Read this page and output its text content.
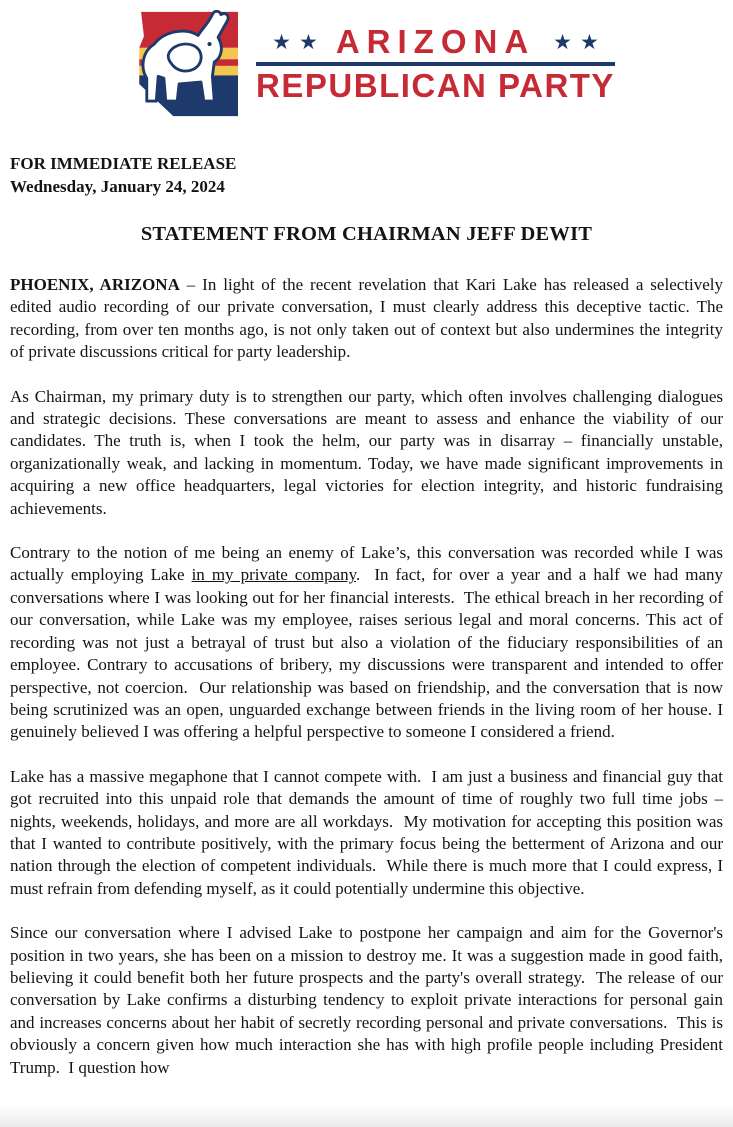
★ ★ ARIZONA ★ ★
REPUBLICAN PARTY
FOR IMMEDIATE RELEASE
Wednesday, January 24, 2024
STATEMENT FROM CHAIRMAN JEFF DEWIT

PHOENIX, ARIZONA – In light of the recent revelation that Kari Lake has released a selectively edited audio recording of our private conversation, I must clearly address this deceptive tactic. The recording, from over ten months ago, is not only taken out of context but also undermines the integrity of private discussions critical for party leadership.

As Chairman, my primary duty is to strengthen our party, which often involves challenging dialogues and strategic decisions. These conversations are meant to assess and enhance the viability of our candidates. The truth is, when I took the helm, our party was in disarray – financially unstable, organizationally weak, and lacking in momentum. Today, we have made significant improvements in acquiring a new office headquarters, legal victories for election integrity, and historic fundraising achievements.

Contrary to the notion of me being an enemy of Lake’s, this conversation was recorded while I was actually employing Lake in my private company.  In fact, for over a year and a half we had many conversations where I was looking out for her financial interests.  The ethical breach in her recording of our conversation, while Lake was my employee, raises serious legal and moral concerns. This act of recording was not just a betrayal of trust but also a violation of the fiduciary responsibilities of an employee. Contrary to accusations of bribery, my discussions were transparent and intended to offer perspective, not coercion.  Our relationship was based on friendship, and the conversation that is now being scrutinized was an open, unguarded exchange between friends in the living room of her house. I genuinely believed I was offering a helpful perspective to someone I considered a friend.

Lake has a massive megaphone that I cannot compete with.  I am just a business and financial guy that got recruited into this unpaid role that demands the amount of time of roughly two full time jobs – nights, weekends, holidays, and more are all workdays.  My motivation for accepting this position was that I wanted to contribute positively, with the primary focus being the betterment of Arizona and our nation through the election of competent individuals.  While there is much more that I could express, I must refrain from defending myself, as it could potentially undermine this objective.

Since our conversation where I advised Lake to postpone her campaign and aim for the Governor's position in two years, she has been on a mission to destroy me. It was a suggestion made in good faith, believing it could benefit both her future prospects and the party's overall strategy.  The release of our conversation by Lake confirms a disturbing tendency to exploit private interactions for personal gain and increases concerns about her habit of secretly recording personal and private conversations.  This is obviously a concern given how much interaction she has with high profile people including President Trump.  I question how
